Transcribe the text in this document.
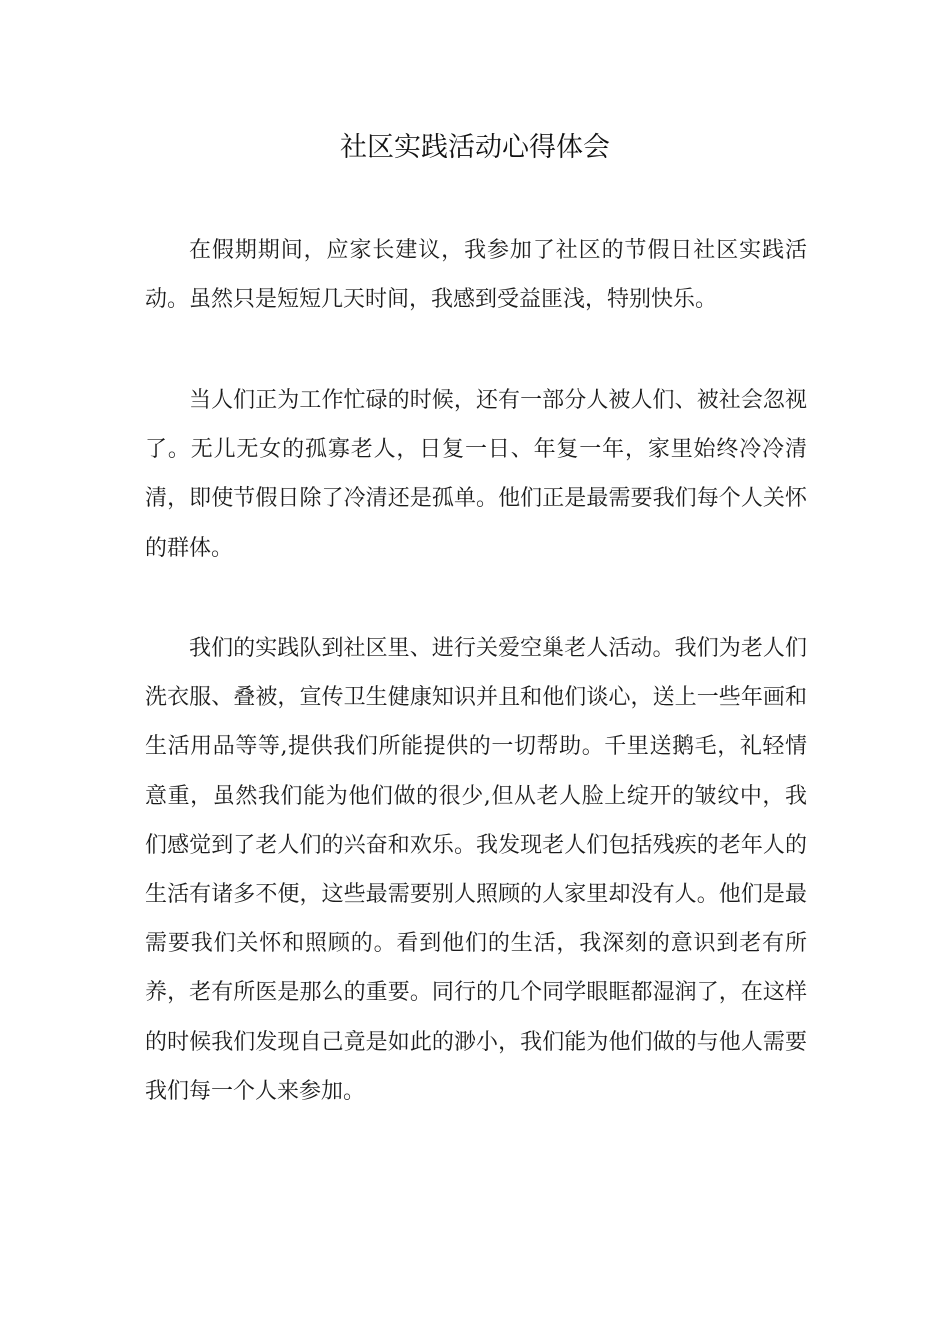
社区实践活动心得体会

在假期期间，应家长建议，我参加了社区的节假日社区实践活动。虽然只是短短几天时间，我感到受益匪浅，特别快乐。

当人们正为工作忙碌的时候，还有一部分人被人们、被社会忽视了。无儿无女的孤寡老人，日复一日、年复一年，家里始终冷冷清清，即使节假日除了冷清还是孤单。他们正是最需要我们每个人关怀的群体。

我们的实践队到社区里、进行关爱空巢老人活动。我们为老人们洗衣服、叠被，宣传卫生健康知识并且和他们谈心，送上一些年画和生活用品等等,提供我们所能提供的一切帮助。千里送鹅毛，礼轻情意重，虽然我们能为他们做的很少,但从老人脸上绽开的皱纹中，我们感觉到了老人们的兴奋和欢乐。我发现老人们包括残疾的老年人的生活有诸多不便，这些最需要别人照顾的人家里却没有人。他们是最需要我们关怀和照顾的。看到他们的生活，我深刻的意识到老有所养，老有所医是那么的重要。同行的几个同学眼眶都湿润了，在这样的时候我们发现自己竟是如此的渺小，我们能为他们做的与他人需要我们每一个人来参加。
